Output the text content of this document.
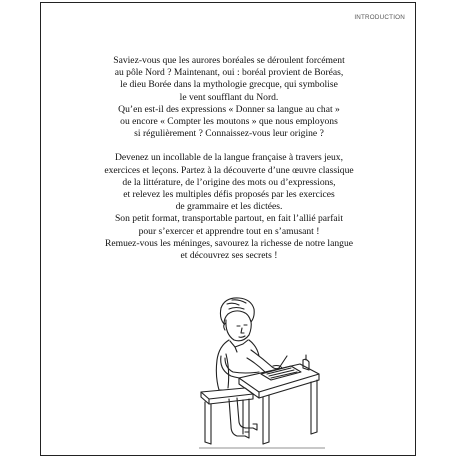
INTRODUCTION
Saviez-vous que les aurores boréales se déroulent forcément
au pôle Nord ? Maintenant, oui : boréal provient de Boréas,
le dieu Borée dans la mythologie grecque, qui symbolise
le vent soufflant du Nord.
Qu’en est-il des expressions « Donner sa langue au chat »
ou encore « Compter les moutons » que nous employons
si régulièrement ? Connaissez-vous leur origine ?
Devenez un incollable de la langue française à travers jeux,
exercices et leçons. Partez à la découverte d’une œuvre classique
de la littérature, de l’origine des mots ou d’expressions,
et relevez les multiples défis proposés par les exercices
de grammaire et les dictées.
Son petit format, transportable partout, en fait l’allié parfait
pour s’exercer et apprendre tout en s’amusant !
Remuez-vous les méninges, savourez la richesse de notre langue
et découvrez ses secrets !
